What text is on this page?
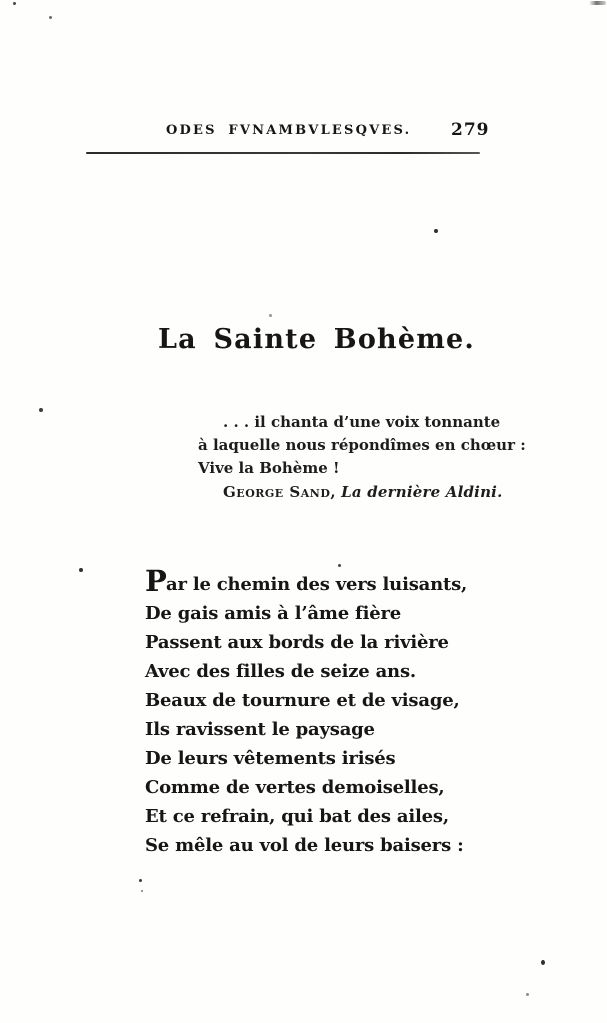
ODES FVNAMBVLESQVES. 279
La Sainte Bohème.
. . . il chanta d’une voix tonnante
à laquelle nous répondîmes en chœur :
Vive la Bohème !
George Sand, La dernière Aldini.
P ar le chemin des vers luisants,
De gais amis à l’âme fière
Passent aux bords de la rivière
Avec des filles de seize ans.
Beaux de tournure et de visage,
Ils ravissent le paysage
De leurs vêtements irisés
Comme de vertes demoiselles,
Et ce refrain, qui bat des ailes,
Se mêle au vol de leurs baisers :
